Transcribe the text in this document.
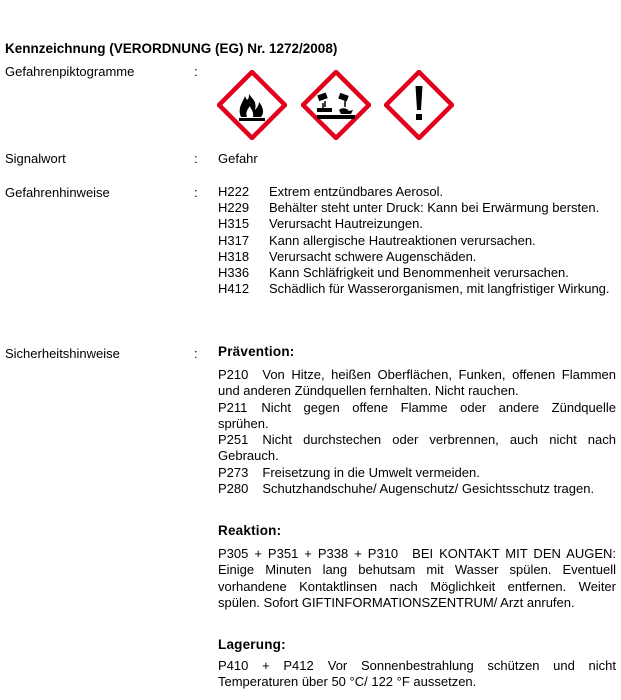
Kennzeichnung (VERORDNUNG (EG) Nr. 1272/2008)
Gefahrenpiktogramme	:
Signalwort	: Gefahr
Gefahrenhinweise	: H222	Extrem entzündbares Aerosol.
H229	Behälter steht unter Druck: Kann bei Erwärmung bersten.
H315	Verursacht Hautreizungen.
H317	Kann allergische Hautreaktionen verursachen.
H318	Verursacht schwere Augenschäden.
H336	Kann Schläfrigkeit und Benommenheit verursachen.
H412	Schädlich für Wasserorganismen, mit langfristiger Wirkung.
Sicherheitshinweise	: Prävention:
P210 Von Hitze, heißen Oberflächen, Funken, offenen Flammen und anderen Zündquellen fernhalten. Nicht rauchen.
P211 Nicht gegen offene Flamme oder andere Zündquelle sprühen.
P251 Nicht durchstechen oder verbrennen, auch nicht nach Gebrauch.
P273 Freisetzung in die Umwelt vermeiden.
P280 Schutzhandschuhe/ Augenschutz/ Gesichtsschutz tragen.
Reaktion:
P305 + P351 + P338 + P310 BEI KONTAKT MIT DEN AUGEN: Einige Minuten lang behutsam mit Wasser spülen. Eventuell vorhandene Kontaktlinsen nach Möglichkeit entfernen. Weiter spülen. Sofort GIFTINFORMATIONSZENTRUM/ Arzt anrufen.
Lagerung:
P410 + P412 Vor Sonnenbestrahlung schützen und nicht Temperaturen über 50 °C/ 122 °F aussetzen.
